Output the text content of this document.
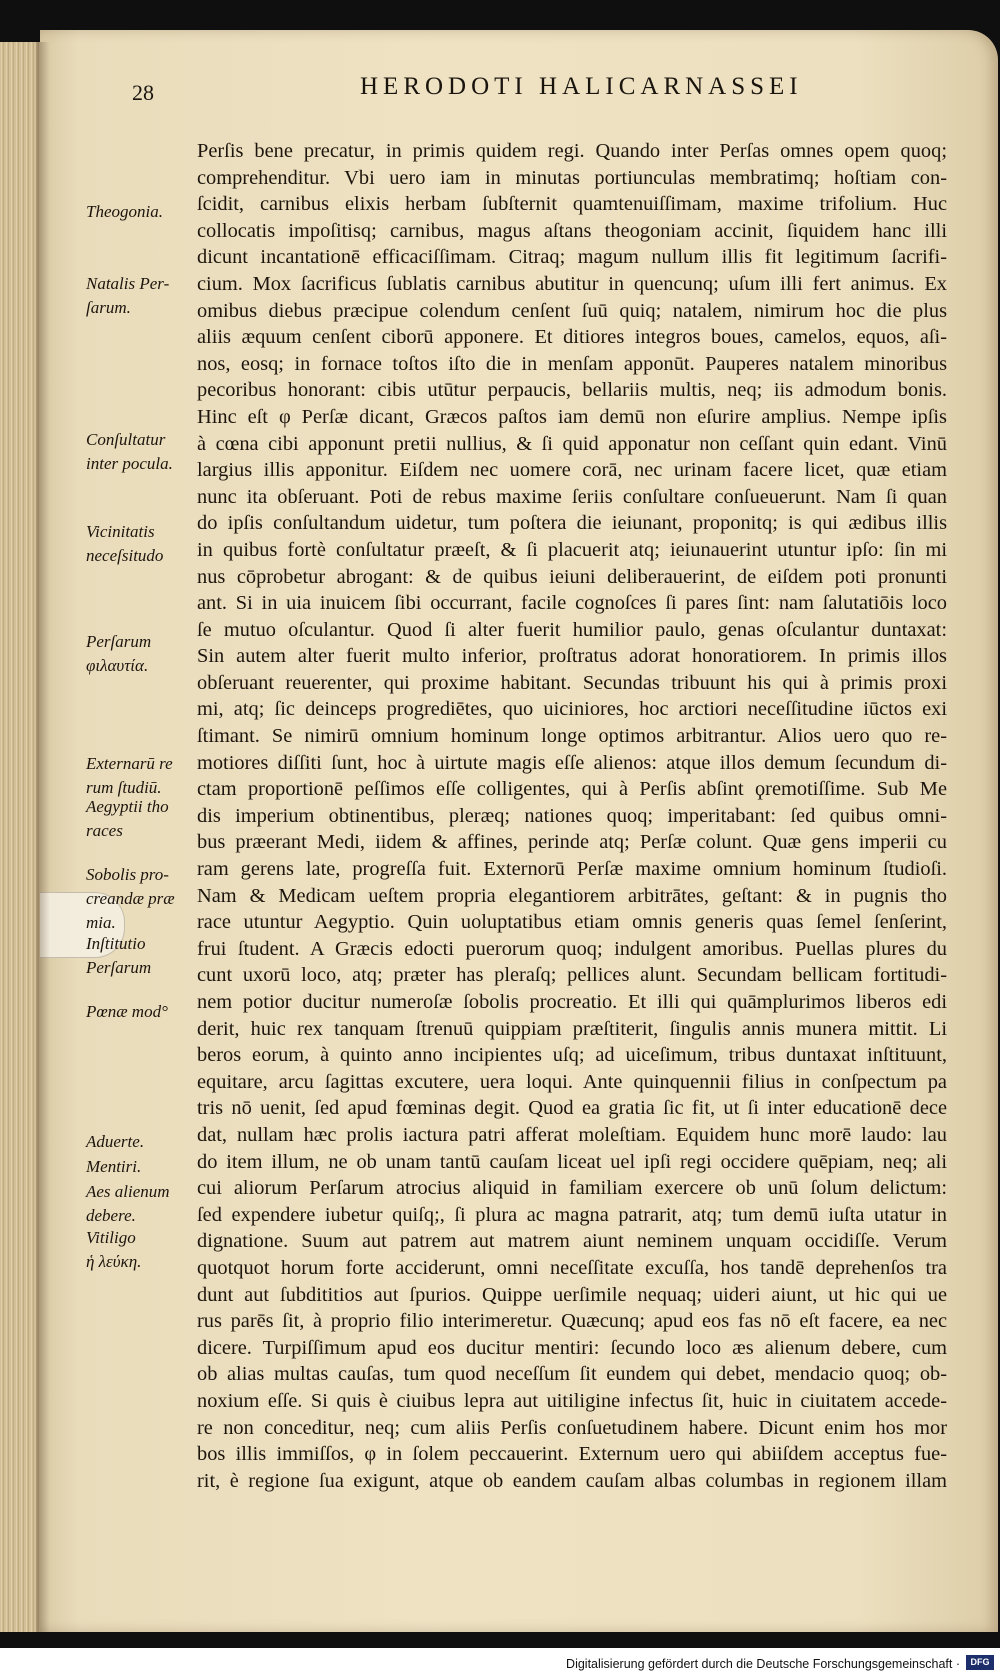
28	HERODOTI HALICARNASSEI
Perſis bene precatur, in primis quidem regi. Quando inter Perſas omnes opem quoq;
comprehenditur. Vbi uero iam in minutas portiunculas membratimq; hoſtiam con-
ſcidit, carnibus elixis herbam ſubſternit quamtenuiſſimam, maxime trifolium. Huc
collocatis impoſitisq; carnibus, magus aſtans theogoniam accinit, ſiquidem hanc illi
dicunt incantationē efficaciſſimam. Citraq; magum nullum illis fit legitimum ſacrifi-
cium. Mox ſacrificus ſublatis carnibus abutitur in quencunq; uſum illi fert animus. Ex
omibus diebus præcipue colendum cenſent ſuū quiq; natalem, nimirum hoc die plus
aliis æquum cenſent ciborū apponere. Et ditiores integros boues, camelos, equos, aſi-
nos, eosq; in fornace toſtos iſto die in menſam apponūt. Pauperes natalem minoribus
pecoribus honorant: cibis utūtur perpaucis, bellariis multis, neq; iis admodum bonis.
Hinc eſt φ Perſæ dicant, Græcos paſtos iam demū non eſurire amplius. Nempe ipſis
à cœna cibi apponunt pretii nullius, & ſi quid apponatur non ceſſant quin edant. Vinū
largius illis apponitur. Eiſdem nec uomere corā, nec urinam facere licet, quæ etiam
nunc ita obſeruant. Poti de rebus maxime ſeriis conſultare conſueuerunt. Nam ſi quan
do ipſis conſultandum uidetur, tum poſtera die ieiunant, proponitq; is qui ædibus illis
in quibus fortè conſultatur præeſt, & ſi placuerit atq; ieiunauerint utuntur ipſo: ſin mi
nus cōprobetur abrogant: & de quibus ieiuni deliberauerint, de eiſdem poti pronunti
ant. Si in uia inuicem ſibi occurrant, facile cognoſces ſi pares ſint: nam ſalutatiōis loco
ſe mutuo oſculantur. Quod ſi alter fuerit humilior paulo, genas oſculantur duntaxat:
Sin autem alter fuerit multo inferior, proſtratus adorat honoratiorem. In primis illos
obſeruant reuerenter, qui proxime habitant. Secundas tribuunt his qui à primis proxi
mi, atq; ſic deinceps progrediētes, quo uiciniores, hoc arctiori neceſſitudine iūctos exi
ſtimant. Se nimirū omnium hominum longe optimos arbitrantur. Alios uero quo re-
motiores diſſiti ſunt, hoc à uirtute magis eſſe alienos: atque illos demum ſecundum di-
ctam proportionē peſſimos eſſe colligentes, qui à Perſis abſint ϙremotiſſime. Sub Me
dis imperium obtinentibus, pleræq; nationes quoq; imperitabant: ſed quibus omni-
bus præerant Medi, iidem & affines, perinde atq; Perſæ colunt. Quæ gens imperii cu
ram gerens late, progreſſa fuit. Externorū Perſæ maxime omnium hominum ſtudioſi.
Nam & Medicam ueſtem propria elegantiorem arbitrātes, geſtant: & in pugnis tho
race utuntur Aegyptio. Quin uoluptatibus etiam omnis generis quas ſemel ſenſerint,
frui ſtudent. A Græcis edocti puerorum quoq; indulgent amoribus. Puellas plures du
cunt uxorū loco, atq; præter has pleraſq; pellices alunt. Secundam bellicam fortitudi-
nem potior ducitur numeroſæ ſobolis procreatio. Et illi qui quāmplurimos liberos edi
derit, huic rex tanquam ſtrenuū quippiam præſtiterit, ſingulis annis munera mittit. Li
beros eorum, à quinto anno incipientes uſq; ad uiceſimum, tribus duntaxat inſtituunt,
equitare, arcu ſagittas excutere, uera loqui. Ante quinquennii filius in conſpectum pa
tris nō uenit, ſed apud fœminas degit. Quod ea gratia ſic fit, ut ſi inter educationē dece
dat, nullam hæc prolis iactura patri afferat moleſtiam. Equidem hunc morē laudo: lau
do item illum, ne ob unam tantū cauſam liceat uel ipſi regi occidere quēpiam, neq; ali
cui aliorum Perſarum atrocius aliquid in familiam exercere ob unū ſolum delictum:
ſed expendere iubetur quiſq;, ſi plura ac magna patrarit, atq; tum demū iuſta utatur in
dignatione. Suum aut patrem aut matrem aiunt neminem unquam occidiſſe. Verum
quotquot horum forte acciderunt, omni neceſſitate excuſſa, hos tandē deprehenſos tra
dunt aut ſubdititios aut ſpurios. Quippe uerſimile nequaq; uideri aiunt, ut hic qui ue
rus parēs ſit, à proprio filio interimeretur. Quæcunq; apud eos fas nō eſt facere, ea nec
dicere. Turpiſſimum apud eos ducitur mentiri: ſecundo loco æs alienum debere, cum
ob alias multas cauſas, tum quod neceſſum ſit eundem qui debet, mendacio quoq; ob-
noxium eſſe. Si quis è ciuibus lepra aut uitiligine infectus ſit, huic in ciuitatem accede-
re non conceditur, neq; cum aliis Perſis conſuetudinem habere. Dicunt enim hos mor
bos illis immiſſos, φ in ſolem peccauerint. Externum uero qui abiiſdem acceptus fue-
rit, è regione ſua exigunt, atque ob eandem cauſam albas columbas in regionem illam
Theogonia.
Natalis Per-
ſarum.
Conſultatur
inter pocula.
Vicinitatis
neceſsitudo
Perſarum
φιλαυτία.
Externarū re
rum ſtudiū.
Aegyptii tho
races
Sobolis pro-
creandæ præ
mia.
Inſtitutio
Perſarum
Pœnæ mod°
Aduerte.
Mentiri.
Aes alienum
debere.
Vitiligo
ἡ λεύκη.
Digitalisierung gefördert durch die Deutsche Forschungsgemeinschaft ·	DFG
